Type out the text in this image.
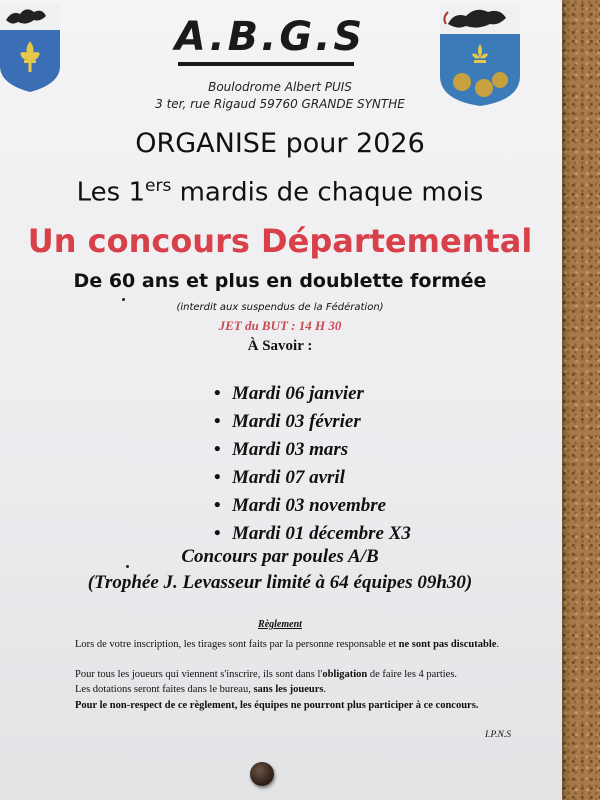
A.B.G.S
Boulodrome Albert PUIS
3 ter, rue Rigaud 59760 GRANDE SYNTHE
ORGANISE pour 2026
Les 1ers mardis de chaque mois
Un concours Départemental
De 60 ans et plus en doublette formée
(interdit aux suspendus de la Fédération)
JET du BUT : 14 H 30
À Savoir :
• Mardi 06 janvier
• Mardi 03 février
• Mardi 03 mars
• Mardi 07 avril
• Mardi 03 novembre
• Mardi 01 décembre X3
Concours par poules A/B
(Trophée J. Levasseur limité à 64 équipes 09h30)
Règlement
Lors de votre inscription, les tirages sont faits par la personne responsable et ne sont pas discutable.
Pour tous les joueurs qui viennent s'inscrire, ils sont dans l'obligation de faire les 4 parties.
Les dotations seront faites dans le bureau, sans les joueurs.
Pour le non-respect de ce règlement, les équipes ne pourront plus participer à ce concours.
I.P.N.S
